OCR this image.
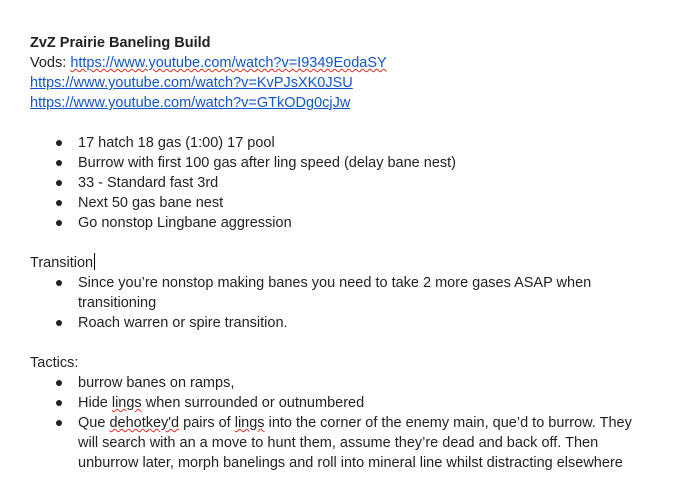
ZvZ Prairie Baneling Build
Vods: https://www.youtube.com/watch?v=I9349EodaSY
https://www.youtube.com/watch?v=KvPJsXK0JSU
https://www.youtube.com/watch?v=GTkODg0cjJw
17 hatch 18 gas (1:00) 17 pool
Burrow with first 100 gas after ling speed (delay bane nest)
33 - Standard fast 3rd
Next 50 gas bane nest
Go nonstop Lingbane aggression
Transition
Since you’re nonstop making banes you need to take 2 more gases ASAP when transitioning
Roach warren or spire transition.
Tactics:
burrow banes on ramps,
Hide lings when surrounded or outnumbered
Que dehotkey'd pairs of lings into the corner of the enemy main, que’d to burrow. They will search with an a move to hunt them, assume they’re dead and back off. Then unburrow later, morph banelings and roll into mineral line whilst distracting elsewhere
